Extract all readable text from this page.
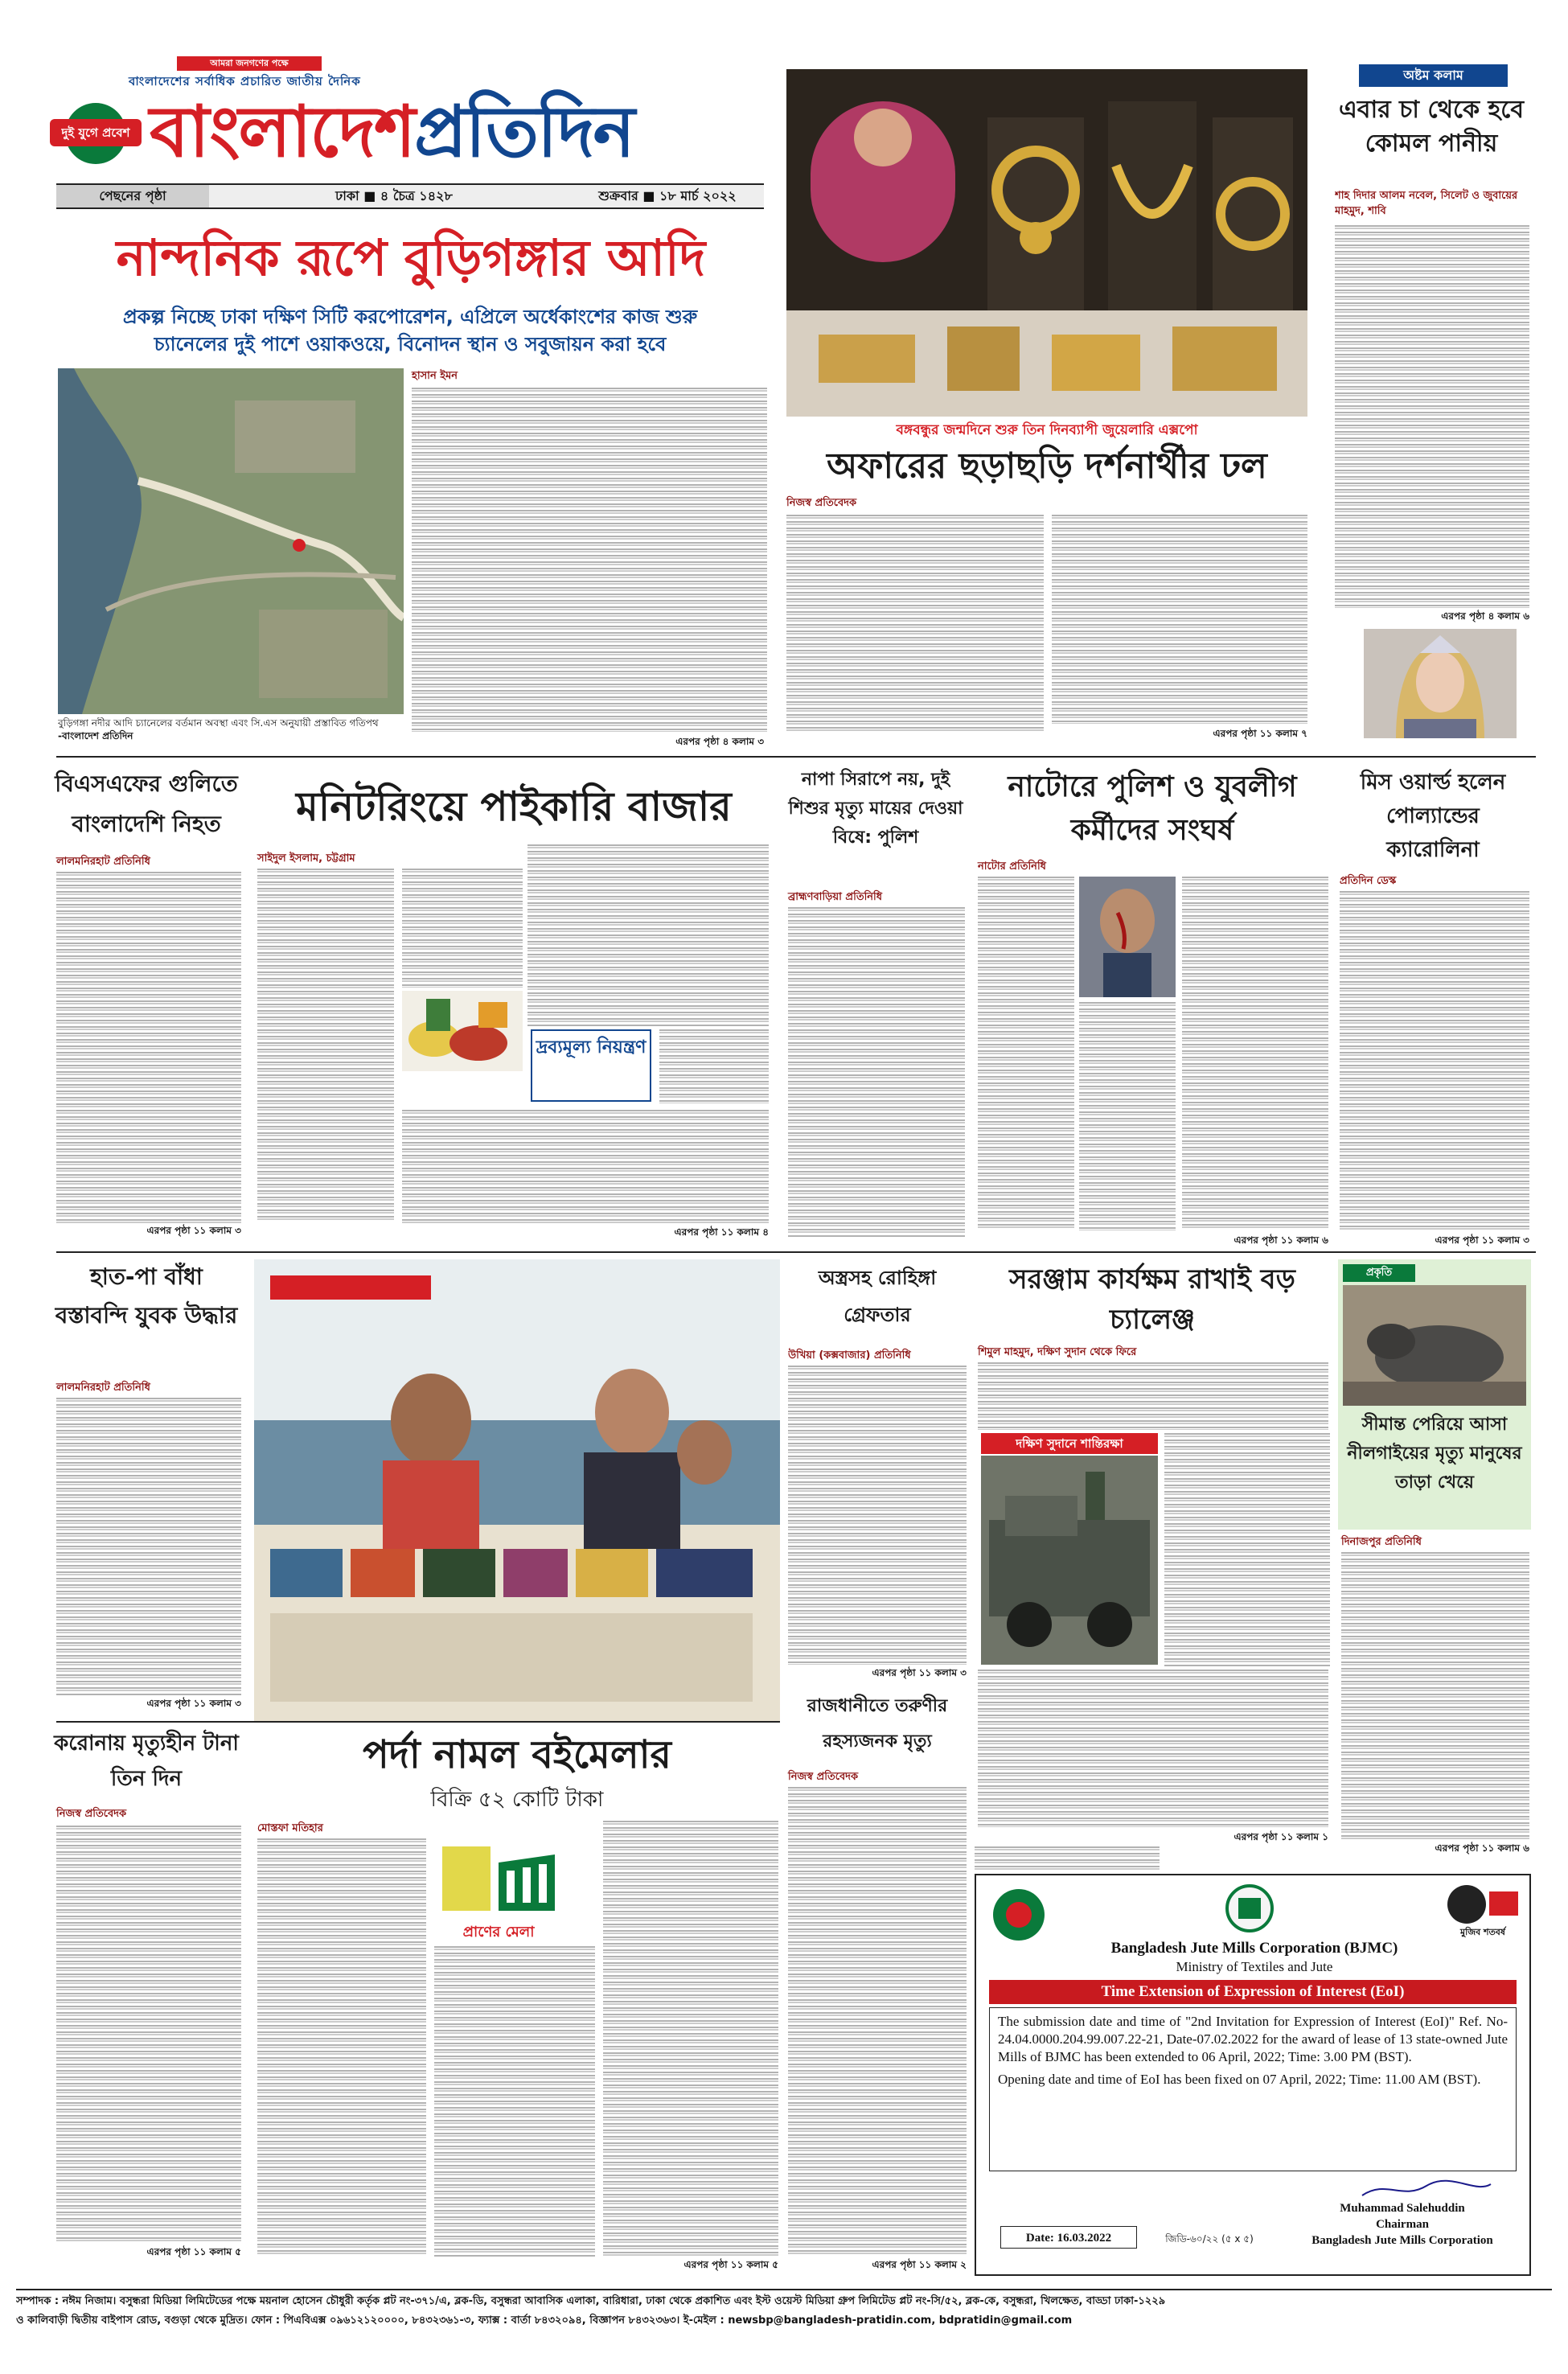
আমরা জনগণের পক্ষে
বাংলাদেশের সর্বাধিক প্রচারিত জাতীয় দৈনিক
দুই যুগে প্রবেশ বাংলাদেশপ্রতিদিন
পেছনের পৃষ্ঠা	ঢাকা ■ ৪ চৈত্র ১৪২৮	শুক্রবার ■ ১৮ মার্চ ২০২২
নান্দনিক রূপে বুড়িগঙ্গার আদি
প্রকল্প নিচ্ছে ঢাকা দক্ষিণ সিটি করপোরেশন, এপ্রিলে অর্ধেকাংশের কাজ শুরু
চ্যানেলের দুই পাশে ওয়াকওয়ে, বিনোদন স্থান ও সবুজায়ন করা হবে
বুড়িগঙ্গা নদীর আদি চ্যানেলের বর্তমান অবস্থা এবং সি.এস অনুযায়ী প্রস্তাবিত গতিপথ -বাংলাদেশ প্রতিদিন
হাসান ইমন
এরপর পৃষ্ঠা ৪ কলাম ৩
বঙ্গবন্ধুর জন্মদিনে শুরু তিন দিনব্যাপী জুয়েলারি এক্সপো
অফারের ছড়াছড়ি দর্শনার্থীর ঢল
নিজস্ব প্রতিবেদক
এরপর পৃষ্ঠা ১১ কলাম ৭
অষ্টম কলাম
এবার চা থেকে হবে কোমল পানীয়
শাহ দিদার আলম নবেল, সিলেট ও জুবায়ের মাহমুদ, শাবি
এরপর পৃষ্ঠা ৪ কলাম ৬
বিএসএফের গুলিতে বাংলাদেশি নিহত
লালমনিরহাট প্রতিনিধি
এরপর পৃষ্ঠা ১১ কলাম ৩
মনিটরিংয়ে পাইকারি বাজার
সাইদুল ইসলাম, চট্টগ্রাম
দ্রব্যমূল্য নিয়ন্ত্রণ
এরপর পৃষ্ঠা ১১ কলাম ৪
নাপা সিরাপে নয়, দুই শিশুর মৃত্যু মায়ের দেওয়া বিষে: পুলিশ
ব্রাহ্মণবাড়িয়া প্রতিনিধি
নাটোরে পুলিশ ও যুবলীগ কর্মীদের সংঘর্ষ
নাটোর প্রতিনিধি
এরপর পৃষ্ঠা ১১ কলাম ৬
মিস ওয়ার্ল্ড হলেন পোল্যান্ডের ক্যারোলিনা
প্রতিদিন ডেস্ক
এরপর পৃষ্ঠা ১১ কলাম ৩
হাত-পা বাঁধা বস্তাবন্দি যুবক উদ্ধার
লালমনিরহাট প্রতিনিধি
এরপর পৃষ্ঠা ১১ কলাম ৩
অস্ত্রসহ রোহিঙ্গা গ্রেফতার
উখিয়া (কক্সবাজার) প্রতিনিধি
এরপর পৃষ্ঠা ১১ কলাম ৩
সরঞ্জাম কার্যক্ষম রাখাই বড় চ্যালেঞ্জ
শিমুল মাহমুদ, দক্ষিণ সুদান থেকে ফিরে
দক্ষিণ সুদানে শান্তিরক্ষা
এরপর পৃষ্ঠা ১১ কলাম ১
প্রকৃতি
সীমান্ত পেরিয়ে আসা নীলগাইয়ের মৃত্যু মানুষের তাড়া খেয়ে
দিনাজপুর প্রতিনিধি
এরপর পৃষ্ঠা ১১ কলাম ৬
করোনায় মৃত্যুহীন টানা তিন দিন
নিজস্ব প্রতিবেদক
এরপর পৃষ্ঠা ১১ কলাম ৫
পর্দা নামল বইমেলার
বিক্রি ৫২ কোটি টাকা
মোস্তফা মতিহার
প্রাণের মেলা
এরপর পৃষ্ঠা ১১ কলাম ৫
রাজধানীতে তরুণীর রহস্যজনক মৃত্যু
নিজস্ব প্রতিবেদক
এরপর পৃষ্ঠা ১১ কলাম ২
মুজিব শতবর্ষ
Bangladesh Jute Mills Corporation (BJMC)
Ministry of Textiles and Jute
Time Extension of Expression of Interest (EoI)
The submission date and time of "2nd Invitation for Expression of Interest (EoI)" Ref. No- 24.04.0000.204.99.007.22-21, Date-07.02.2022 for the award of lease of 13 state-owned Jute Mills of BJMC has been extended to 06 April, 2022; Time: 3.00 PM (BST).
Opening date and time of EoI has been fixed on 07 April, 2022; Time: 11.00 AM (BST).
Muhammad Salehuddin
Chairman
Bangladesh Jute Mills Corporation
Date: 16.03.2022	জিডি-৬০/২২ (৫ x ৫)
সম্পাদক : নঈম নিজাম। বসুন্ধরা মিডিয়া লিমিটেডের পক্ষে ময়নাল হোসেন চৌধুরী কর্তৃক প্লট নং-৩৭১/এ, ব্লক-ডি, বসুন্ধরা আবাসিক এলাকা, বারিধারা, ঢাকা থেকে প্রকাশিত এবং ইস্ট ওয়েস্ট মিডিয়া গ্রুপ লিমিটেড প্লট নং-সি/৫২, ব্লক-কে, বসুন্ধরা, খিলক্ষেত, বাড্ডা ঢাকা-১২২৯
ও কালিবাড়ী দ্বিতীয় বাইপাস রোড, বগুড়া থেকে মুদ্রিত। ফোন : পিএবিএক্স ০৯৬১২১২০০০০, ৮৪৩২৩৬১-৩, ফ্যাক্স : বার্তা ৮৪৩২০৯৪, বিজ্ঞাপন ৮৪৩২৩৬৩। ই-মেইল : newsbp@bangladesh-pratidin.com, bdpratidin@gmail.com
